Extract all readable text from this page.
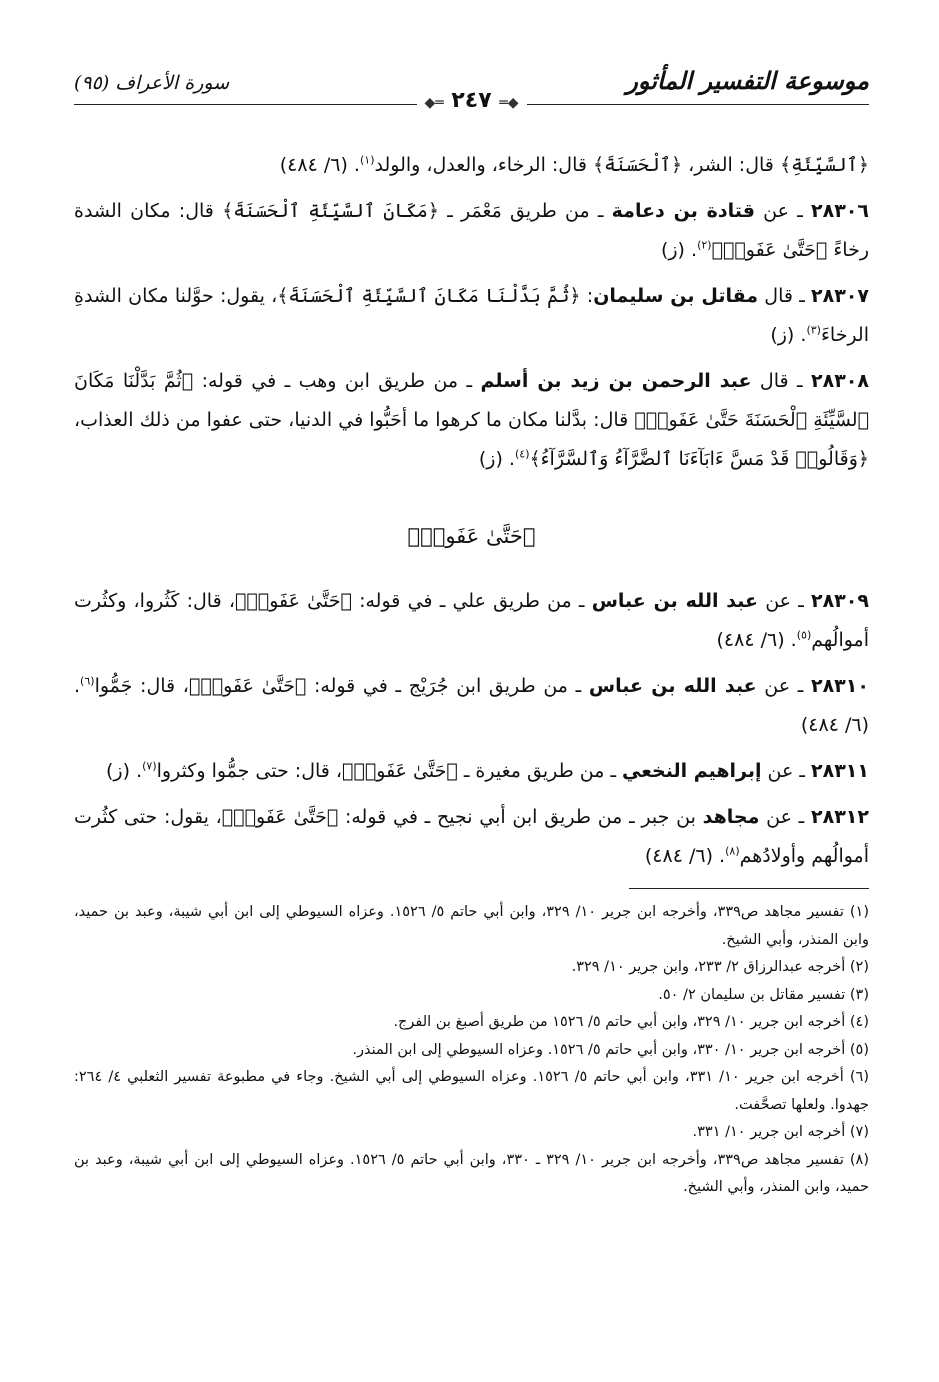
موسوعة التفسير المأثور
◆═ ٢٤٧ ═◆
سورة الأعراف (٩٥)

﴿ٱلسَّيِّئَةِ﴾ قال: الشر، ﴿ٱلْحَسَنَةَ﴾ قال: الرخاء، والعدل، والولد$^{(١)}$. (٦/ ٤٨٤)

٢٨٣٠٦ ـ عن قتادة بن دعامة ـ من طريق مَعْمَر ـ ﴿مَكَانَ ٱلسَّيِّئَةِ ٱلْحَسَنَةَ﴾ قال: مكان الشدة رخاءً ﴿حَتَّىٰ عَفَوا۟﴾$^{(٢)}$. (ز)

٢٨٣٠٧ ـ قال مقاتل بن سليمان: ﴿ثُمَّ بَدَّلْنَا مَكَانَ ٱلسَّيِّئَةِ ٱلْحَسَنَةَ﴾، يقول: حوَّلنا مكان الشدةِ الرخاءَ$^{(٣)}$. (ز)

٢٨٣٠٨ ـ قال عبد الرحمن بن زيد بن أسلم ـ من طريق ابن وهب ـ في قوله: ﴿ثُمَّ بَدَّلْنَا مَكَانَ ٱلسَّيِّئَةِ ٱلْحَسَنَةَ حَتَّىٰ عَفَوا۟﴾ قال: بدَّلنا مكان ما كرهوا ما أحَبُّوا في الدنيا، حتى عفوا من ذلك العذاب، ﴿وَقَالُوا۟ قَدْ مَسَّ ءَابَآءَنَا ٱلضَّرَّآءُ وَٱلسَّرَّآءُ﴾$^{(٤)}$. (ز)

﴿حَتَّىٰ عَفَوا۟﴾

٢٨٣٠٩ ـ عن عبد الله بن عباس ـ من طريق علي ـ في قوله: ﴿حَتَّىٰ عَفَوا۟﴾، قال: كَثُروا، وكثُرت أموالُهم$^{(٥)}$. (٦/ ٤٨٤)

٢٨٣١٠ ـ عن عبد الله بن عباس ـ من طريق ابن جُرَيْج ـ في قوله: ﴿حَتَّىٰ عَفَوا۟﴾، قال: جَمُّوا$^{(٦)}$. (٦/ ٤٨٤)

٢٨٣١١ ـ عن إبراهيم النخعي ـ من طريق مغيرة ـ ﴿حَتَّىٰ عَفَوا۟﴾، قال: حتى جمُّوا وكثروا$^{(٧)}$. (ز)

٢٨٣١٢ ـ عن مجاهد بن جبر ـ من طريق ابن أبي نجيح ـ في قوله: ﴿حَتَّىٰ عَفَوا۟﴾، يقول: حتى كثُرت أموالُهم وأولادُهم$^{(٨)}$. (٦/ ٤٨٤)

(١) تفسير مجاهد ص٣٣٩، وأخرجه ابن جرير ١٠/ ٣٢٩، وابن أبي حاتم ٥/ ١٥٢٦. وعزاه السيوطي إلى ابن أبي شيبة، وعبد بن حميد، وابن المنذر، وأبي الشيخ.

(٢) أخرجه عبدالرزاق ٢/ ٢٣٣، وابن جرير ١٠/ ٣٢٩.

(٣) تفسير مقاتل بن سليمان ٢/ ٥٠.

(٤) أخرجه ابن جرير ١٠/ ٣٢٩، وابن أبي حاتم ٥/ ١٥٢٦ من طريق أصبغ بن الفرج.

(٥) أخرجه ابن جرير ١٠/ ٣٣٠، وابن أبي حاتم ٥/ ١٥٢٦. وعزاه السيوطي إلى ابن المنذر.

(٦) أخرجه ابن جرير ١٠/ ٣٣١، وابن أبي حاتم ٥/ ١٥٢٦. وعزاه السيوطي إلى أبي الشيخ. وجاء في مطبوعة تفسير الثعلبي ٤/ ٢٦٤: جهدوا. ولعلها تصحَّفت.

(٧) أخرجه ابن جرير ١٠/ ٣٣١.

(٨) تفسير مجاهد ص٣٣٩، وأخرجه ابن جرير ١٠/ ٣٢٩ ـ ٣٣٠، وابن أبي حاتم ٥/ ١٥٢٦. وعزاه السيوطي إلى ابن أبي شيبة، وعبد بن حميد، وابن المنذر، وأبي الشيخ.
